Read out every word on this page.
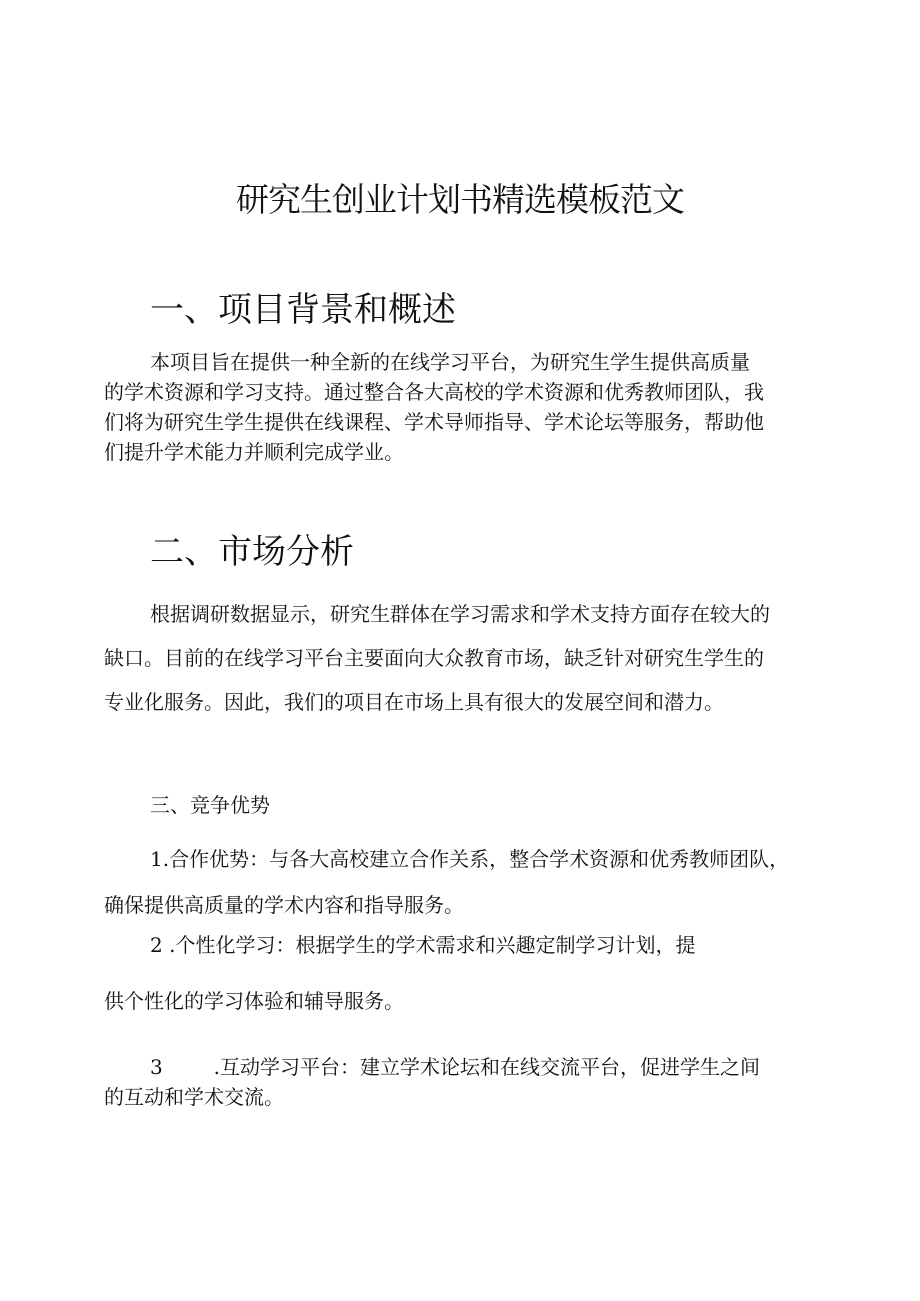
研究生创业计划书精选模板范文
一、项目背景和概述

本项目旨在提供一种全新的在线学习平台，为研究生学生提供高质量
的学术资源和学习支持。通过整合各大高校的学术资源和优秀教师团队，我
们将为研究生学生提供在线课程、学术导师指导、学术论坛等服务，帮助他
们提升学术能力并顺利完成学业。

二、市场分析

根据调研数据显示，研究生群体在学习需求和学术支持方面存在较大的
缺口。目前的在线学习平台主要面向大众教育市场，缺乏针对研究生学生的
专业化服务。因此，我们的项目在市场上具有很大的发展空间和潜力。

三、竞争优势

1.合作优势：与各大高校建立合作关系，整合学术资源和优秀教师团队，
确保提供高质量的学术内容和指导服务。

2 .个性化学习：根据学生的学术需求和兴趣定制学习计划，提

供个性化的学习体验和辅导服务。

3        .互动学习平台：建立学术论坛和在线交流平台，促进学生之间
的互动和学术交流。
